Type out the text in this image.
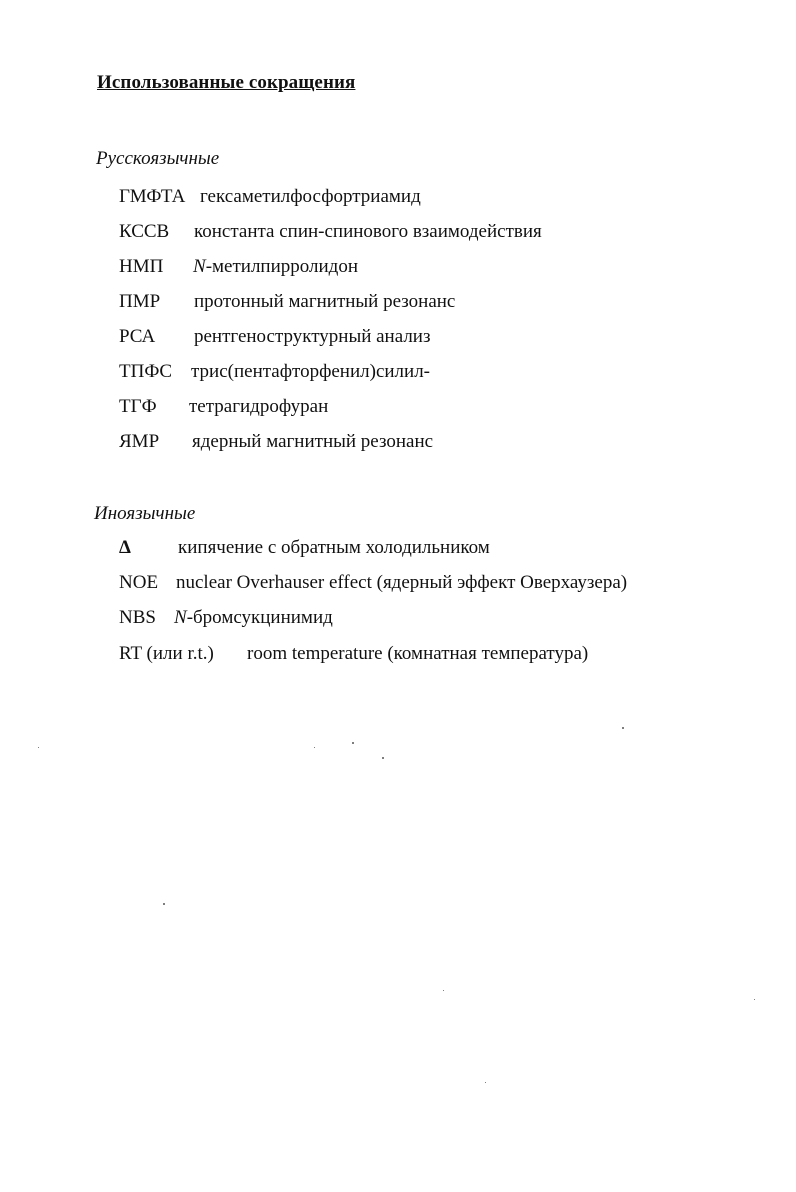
Использованные сокращения
Русскоязычные
ГМФТА гексаметилфосфортриамид
КССВ константа спин-спинового взаимодействия
НМП N-метилпирролидон
ПМР протонный магнитный резонанс
РСА рентгеноструктурный анализ
ТПФС трис(пентафторфенил)силил-
ТГФ тетрагидрофуран
ЯМР ядерный магнитный резонанс
Иноязычные
Δ кипячение с обратным холодильником
NOE nuclear Overhauser effect (ядерный эффект Оверхаузера)
NBS N-бромсукцинимид
RT (или r.t.) room temperature (комнатная температура)
